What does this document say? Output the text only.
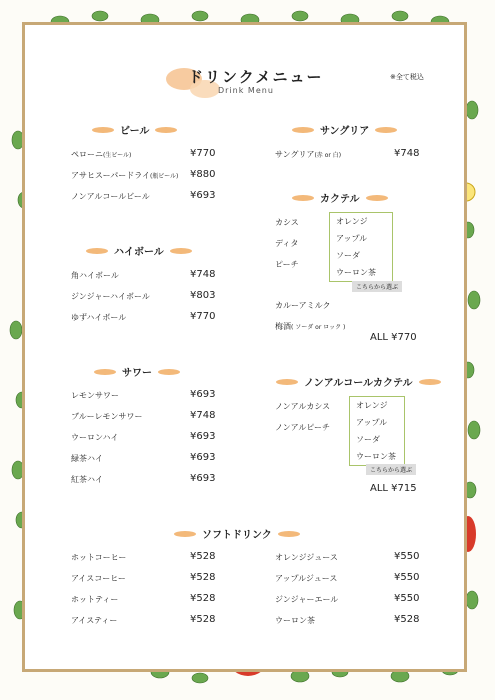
ドリンクメニュー
Drink Menu
※全て税込
ビール
ペローニ(生ビール)	¥770
アサヒスーパードライ(瓶ビール) ¥880
ノンアルコールビール	¥693
ハイボール
角ハイボール	¥748
ジンジャーハイボール	¥803
ゆずハイボール	¥770
サワー
レモンサワー	¥693
ブルーレモンサワー	¥748
ウーロンハイ	¥693
緑茶ハイ	¥693
紅茶ハイ	¥693
サングリア
サングリア(赤 or 白)	¥748
カクテル
カシス
ディタ
ピーチ
オレンジ
アップル
ソーダ
ウーロン茶
こちらから選ぶ
カルーアミルク
梅酒( ソーダ or ロック )
ALL ¥770
ノンアルコールカクテル
ノンアルカシス
ノンアルピーチ
オレンジ
アップル
ソーダ
ウーロン茶
こちらから選ぶ
ALL ¥715
ソフトドリンク
ホットコーヒー	¥528
アイスコーヒー	¥528
ホットティー	¥528
アイスティー	¥528
オレンジジュース	¥550
アップルジュース	¥550
ジンジャーエール	¥550
ウーロン茶	¥528
